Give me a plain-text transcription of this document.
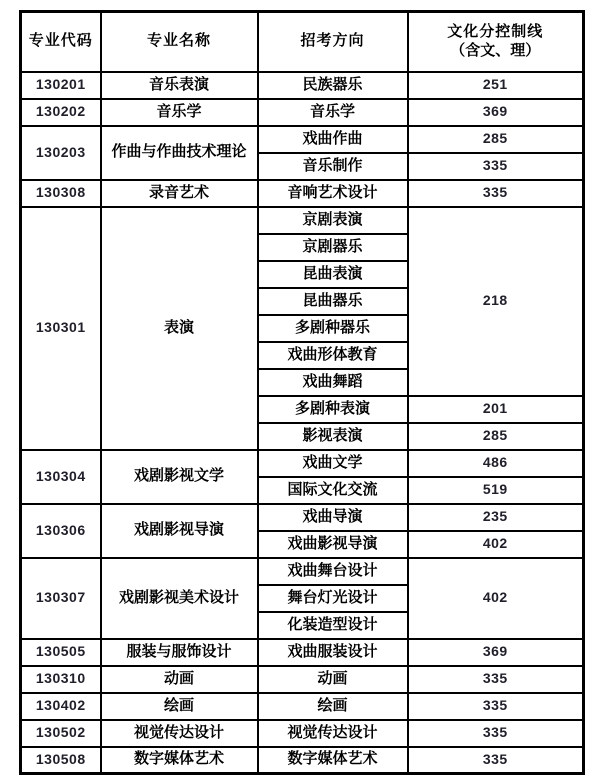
专业代码	专业名称	招考方向	文化分控制线
（含文、理）

130201	音乐表演	民族器乐	251
130202	音乐学	音乐学	369
130203	作曲与作曲技术理论	戏曲作曲	285
		音乐制作	335
130308	录音艺术	音响艺术设计	335
130301	表演	京剧表演	218
		京剧器乐	
		昆曲表演	
		昆曲器乐	
		多剧种器乐	
		戏曲形体教育	
		戏曲舞蹈	
		多剧种表演	201
		影视表演	285
130304	戏剧影视文学	戏曲文学	486
		国际文化交流	519
130306	戏剧影视导演	戏曲导演	235
		戏曲影视导演	402
130307	戏剧影视美术设计	戏曲舞台设计	402
		舞台灯光设计	
		化装造型设计	
130505	服装与服饰设计	戏曲服装设计	369
130310	动画	动画	335
130402	绘画	绘画	335
130502	视觉传达设计	视觉传达设计	335
130508	数字媒体艺术	数字媒体艺术	335
